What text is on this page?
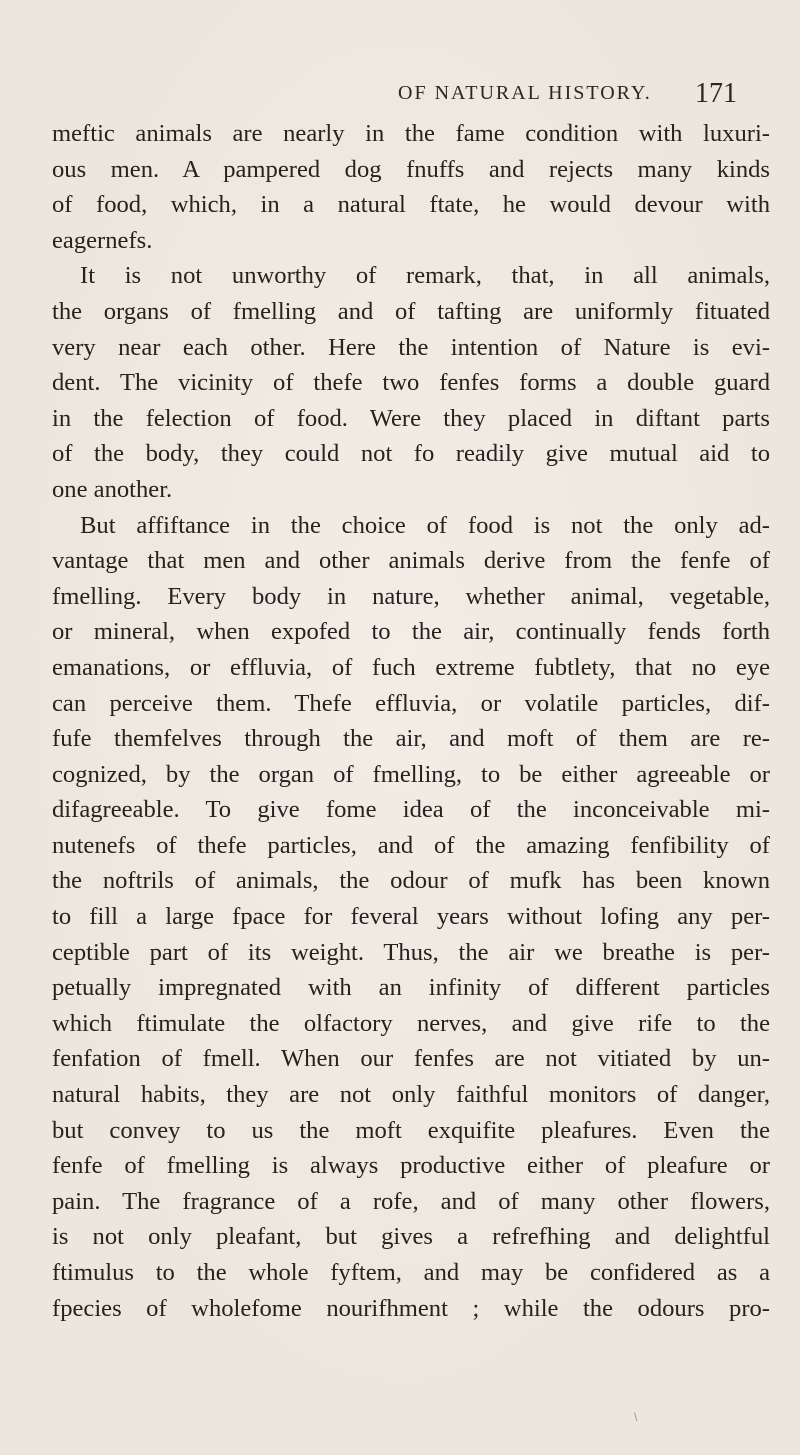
OF NATURAL HISTORY. 171
meftic animals are nearly in the fame condition with luxuri-
ous men. A pampered dog fnuffs and rejects many kinds
of food, which, in a natural ftate, he would devour with
eagernefs.
It is not unworthy of remark, that, in all animals,
the organs of fmelling and of tafting are uniformly fituated
very near each other. Here the intention of Nature is evi-
dent. The vicinity of thefe two fenfes forms a double guard
in the felection of food. Were they placed in diftant parts
of the body, they could not fo readily give mutual aid to
one another.
But affiftance in the choice of food is not the only ad-
vantage that men and other animals derive from the fenfe of
fmelling. Every body in nature, whether animal, vegetable,
or mineral, when expofed to the air, continually fends forth
emanations, or effluvia, of fuch extreme fubtlety, that no eye
can perceive them. Thefe effluvia, or volatile particles, dif-
fufe themfelves through the air, and moft of them are re-
cognized, by the organ of fmelling, to be either agreeable or
difagreeable. To give fome idea of the inconceivable mi-
nutenefs of thefe particles, and of the amazing fenfibility of
the noftrils of animals, the odour of mufk has been known
to fill a large fpace for feveral years without lofing any per-
ceptible part of its weight. Thus, the air we breathe is per-
petually impregnated with an infinity of different particles
which ftimulate the olfactory nerves, and give rife to the
fenfation of fmell. When our fenfes are not vitiated by un-
natural habits, they are not only faithful monitors of danger,
but convey to us the moft exquifite pleafures. Even the
fenfe of fmelling is always productive either of pleafure or
pain. The fragrance of a rofe, and of many other flowers,
is not only pleafant, but gives a refrefhing and delightful
ftimulus to the whole fyftem, and may be confidered as a
fpecies of wholefome nourifhment ; while the odours pro-
\
